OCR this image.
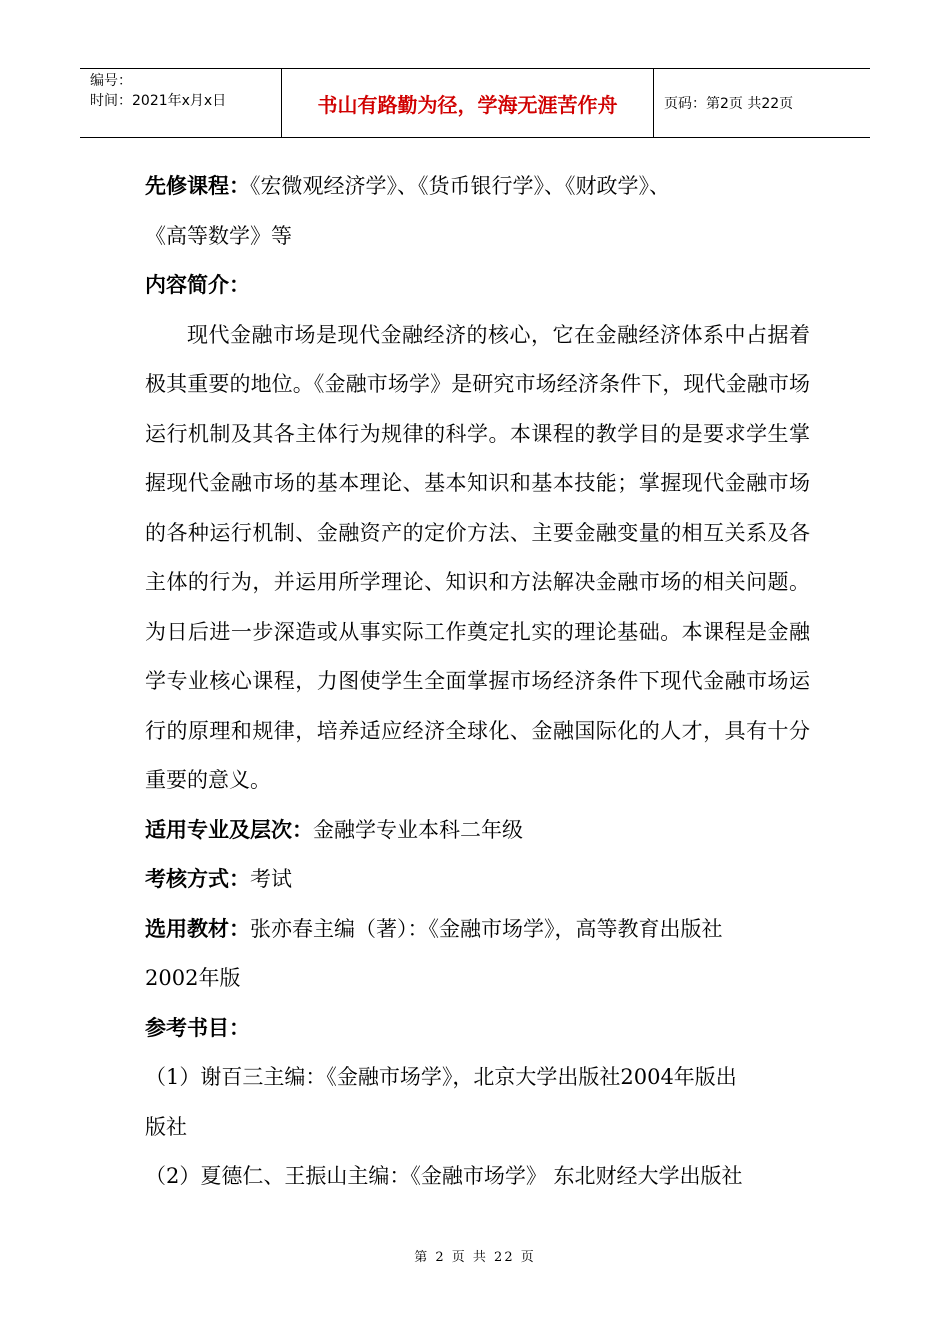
编号：
时间：2021年x月x日	书山有路勤为径，学海无涯苦作舟	页码：第2页 共22页

先修课程：《宏微观经济学》、《货币银行学》、《财政学》、

《高等数学》等

内容简介：

现代金融市场是现代金融经济的核心，它在金融经济体系中占据着极其重要的地位。《金融市场学》是研究市场经济条件下，现代金融市场运行机制及其各主体行为规律的科学。本课程的教学目的是要求学生掌握现代金融市场的基本理论、基本知识和基本技能；掌握现代金融市场的各种运行机制、金融资产的定价方法、主要金融变量的相互关系及各主体的行为，并运用所学理论、知识和方法解决金融市场的相关问题。为日后进一步深造或从事实际工作奠定扎实的理论基础。本课程是金融学专业核心课程，力图使学生全面掌握市场经济条件下现代金融市场运行的原理和规律，培养适应经济全球化、金融国际化的人才，具有十分重要的意义。

适用专业及层次：金融学专业本科二年级

考核方式：考试

选用教材：张亦春主编（著）：《金融市场学》，高等教育出版社

2002年版

参考书目：

（1）谢百三主编：《金融市场学》，北京大学出版社2004年版出

版社

（2）夏德仁、王振山主编：《金融市场学》 东北财经大学出版社

第 2 页 共 22 页
